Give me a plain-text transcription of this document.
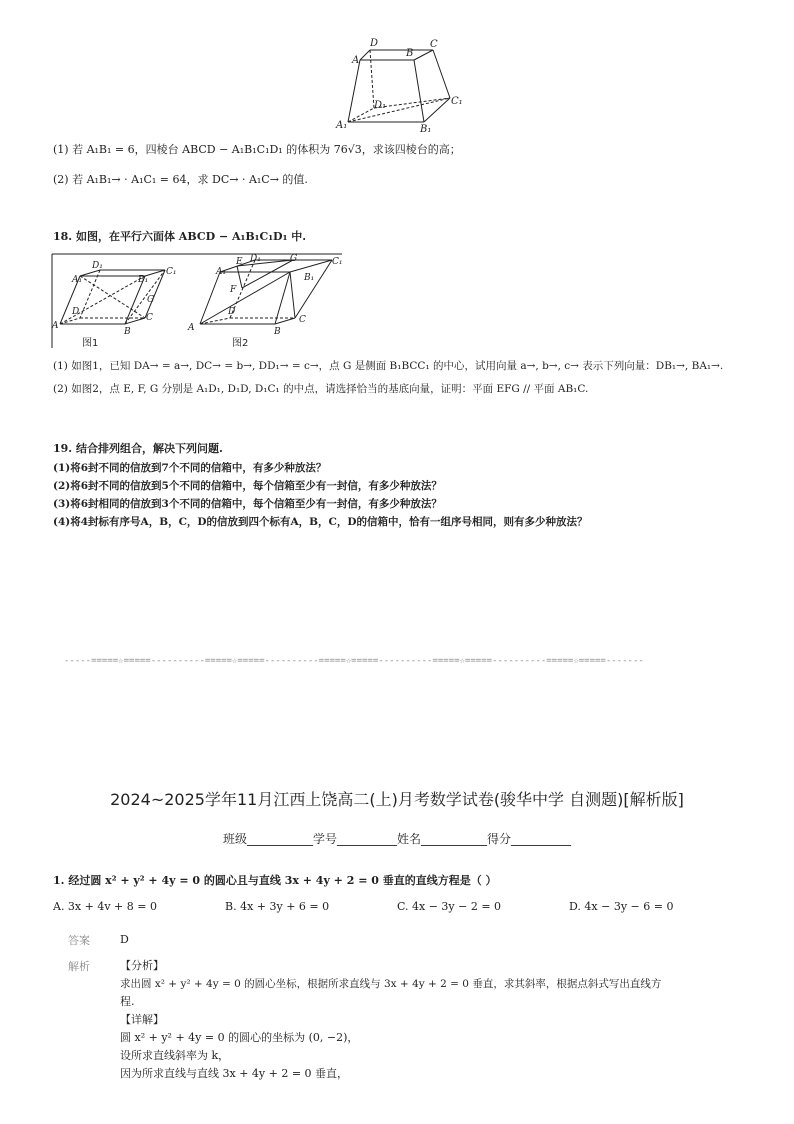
D
B
C
A
D₁	C₁
A₁	B₁
(1) 若 A₁B₁ = 6，四棱台 ABCD − A₁B₁C₁D₁ 的体积为 76√3，求该四棱台的高；
(2) 若 A₁B₁→ · A₁C₁ = 64，求 DC→ · A₁C→ 的值.
18. 如图，在平行六面体 ABCD − A₁B₁C₁D₁ 中.
D₁
A₁	B₁
C₁
G
D
C
A
B
A₁
E D₁	G	C₁
B₁
F
D
C
A	B
图1	图2
(1) 如图1，已知 DA→ = a→, DC→ = b→, DD₁→ = c→，点 G 是侧面 B₁BCC₁ 的中心，试用向量 a→, b→, c→ 表示下列向量：DB₁→, BA₁→.
(2) 如图2，点 E, F, G 分别是 A₁D₁, D₁D, D₁C₁ 的中点，请选择恰当的基底向量，证明：平面 EFG // 平面 AB₁C.
19. 结合排列组合，解决下列问题.
(1)将6封不同的信放到7个不同的信箱中，有多少种放法？
(2)将6封不同的信放到5个不同的信箱中，每个信箱至少有一封信，有多少种放法？
(3)将6封相同的信放到3个不同的信箱中，每个信箱至少有一封信，有多少种放法？
(4)将4封标有序号A，B，C，D的信放到四个标有A，B，C，D的信箱中，恰有一组序号相同，则有多少种放法？
-----=====☆=====----------=====☆=====----------=====☆=====----------=====☆=====----------=====☆=====-------
2024~2025学年11月江西上饶高二(上)月考数学试卷(骏华中学 自测题)[解析版]
班级___________学号__________姓名___________得分__________
1. 经过圆 x² + y² + 4y = 0 的圆心且与直线 3x + 4y + 2 = 0 垂直的直线方程是（ ）
A. 3x + 4v + 8 = 0	B. 4x + 3y + 6 = 0	C. 4x − 3y − 2 = 0	D. 4x − 3y − 6 = 0
答案	D
解析	【分析】
求出圆 x² + y² + 4y = 0 的圆心坐标，根据所求直线与 3x + 4y + 2 = 0 垂直，求其斜率，根据点斜式写出直线方
程.
【详解】
圆 x² + y² + 4y = 0 的圆心的坐标为 (0, −2)，
设所求直线斜率为 k，
因为所求直线与直线 3x + 4y + 2 = 0 垂直，
